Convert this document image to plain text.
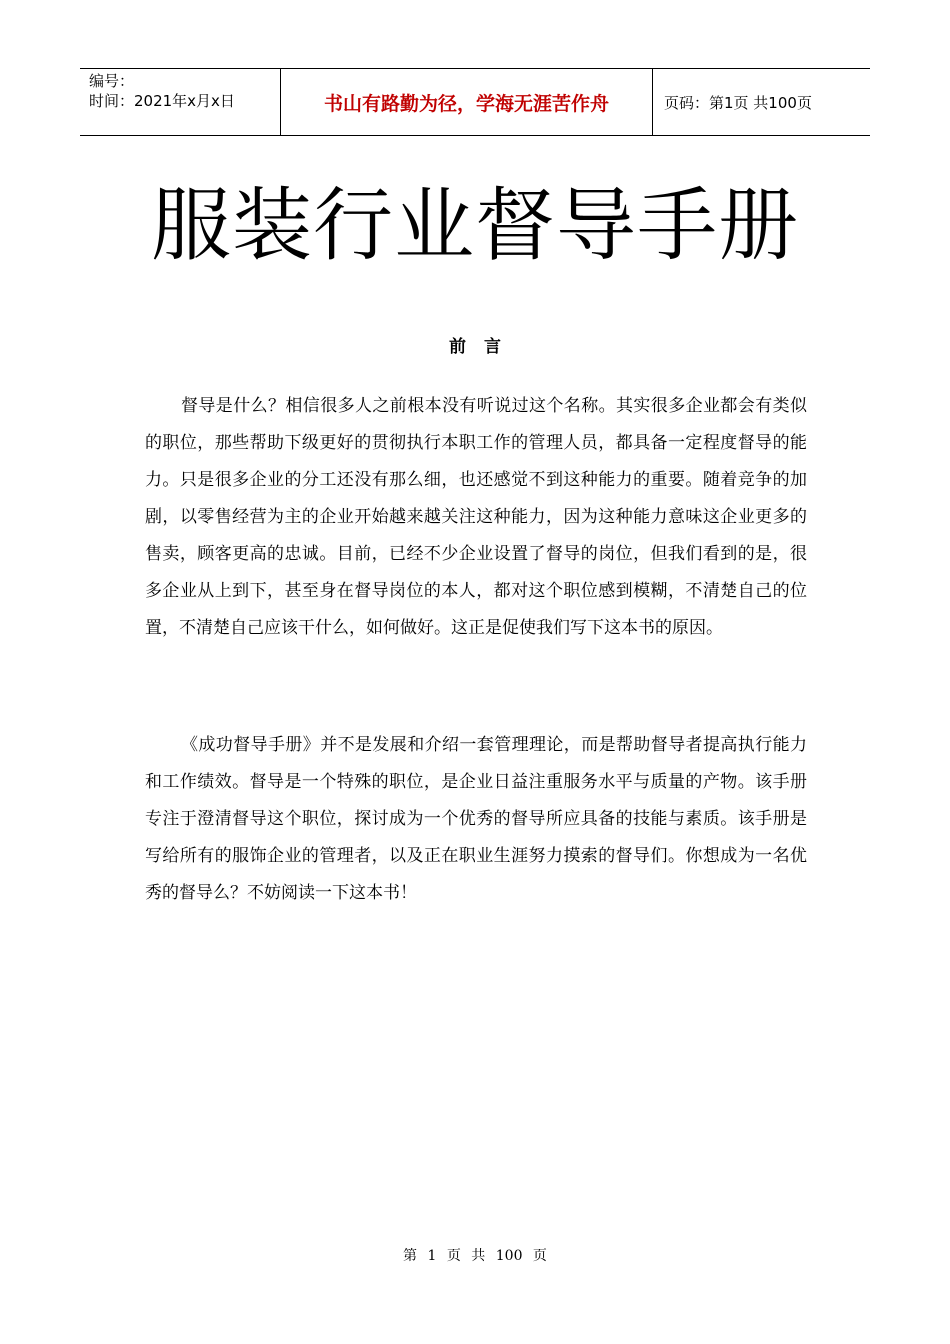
编号：
时间：2021年x月x日	书山有路勤为径，学海无涯苦作舟	页码：第1页 共100页
服装行业督导手册
前言

督导是什么？相信很多人之前根本没有听说过这个名称。其实很多企业都会有类似的职位，那些帮助下级更好的贯彻执行本职工作的管理人员，都具备一定程度督导的能力。只是很多企业的分工还没有那么细，也还感觉不到这种能力的重要。随着竞争的加剧，以零售经营为主的企业开始越来越关注这种能力，因为这种能力意味这企业更多的售卖，顾客更高的忠诚。目前，已经不少企业设置了督导的岗位，但我们看到的是，很多企业从上到下，甚至身在督导岗位的本人，都对这个职位感到模糊，不清楚自己的位置，不清楚自己应该干什么，如何做好。这正是促使我们写下这本书的原因。

《成功督导手册》并不是发展和介绍一套管理理论，而是帮助督导者提高执行能力和工作绩效。督导是一个特殊的职位，是企业日益注重服务水平与质量的产物。该手册专注于澄清督导这个职位，探讨成为一个优秀的督导所应具备的技能与素质。该手册是写给所有的服饰企业的管理者，以及正在职业生涯努力摸索的督导们。你想成为一名优秀的督导么？不妨阅读一下这本书！

第 1 页 共 100 页
